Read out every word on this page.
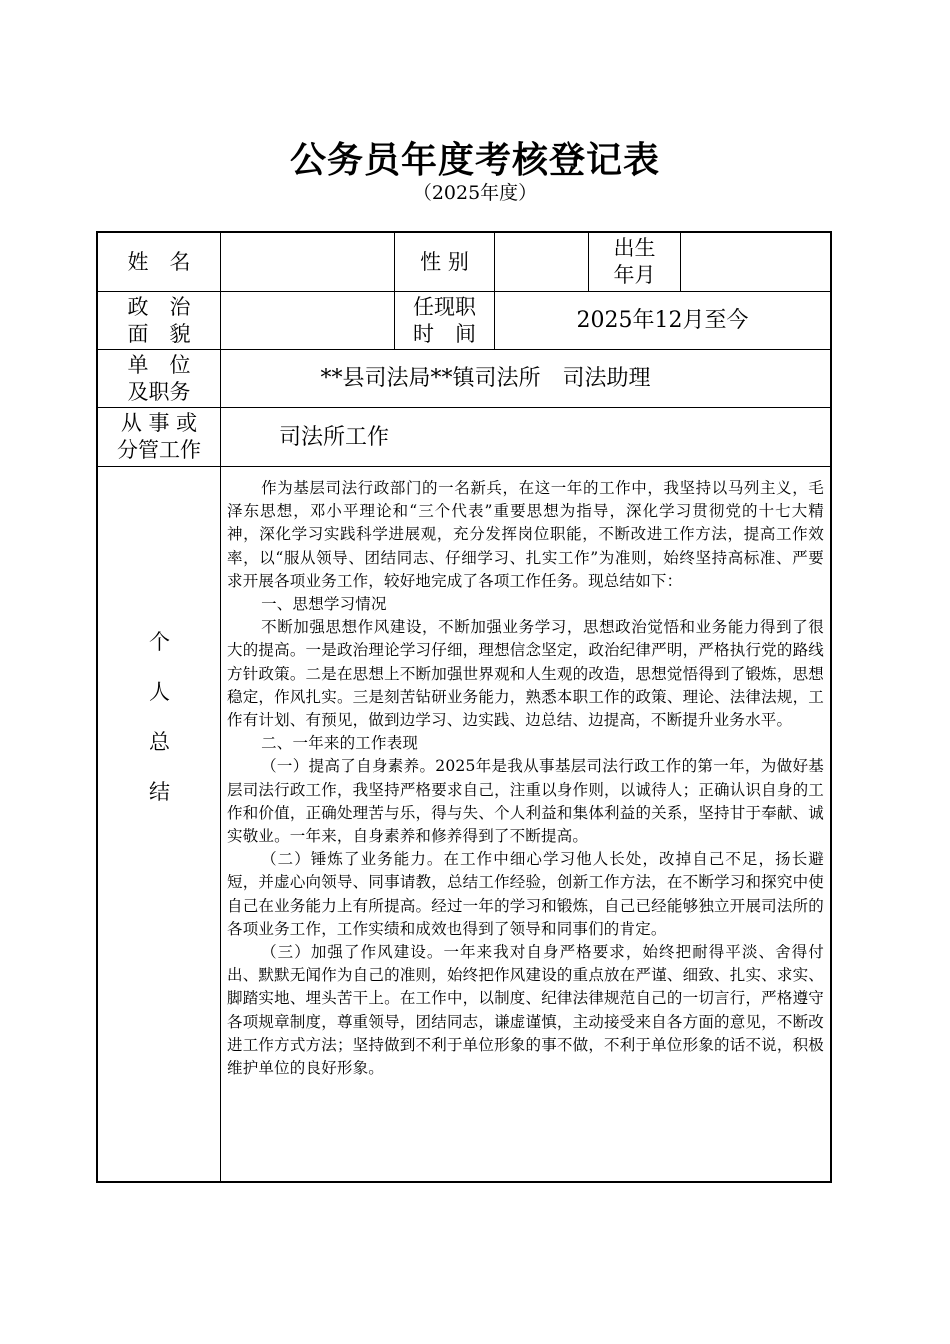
公务员年度考核登记表
（2025年度）
姓　名	性 别
出生
年月
政　治
面　貌
任现职
时　间
2025年12月至今
单　位
及职务
**县司法局**镇司法所　司法助理
从 事 或
分管工作
司法所工作
个
人
总
结

作为基层司法行政部门的一名新兵，在这一年的工作中，我坚持以马列主义，毛泽东思想，邓小平理论和“三个代表”重要思想为指导，深化学习贯彻党的十七大精神，深化学习实践科学进展观，充分发挥岗位职能，不断改进工作方法，提高工作效率，以“服从领导、团结同志、仔细学习、扎实工作”为准则，始终坚持高标准、严要求开展各项业务工作，较好地完成了各项工作任务。现总结如下：

一、思想学习情况

不断加强思想作风建设，不断加强业务学习，思想政治觉悟和业务能力得到了很大的提高。一是政治理论学习仔细，理想信念坚定，政治纪律严明，严格执行党的路线方针政策。二是在思想上不断加强世界观和人生观的改造，思想觉悟得到了锻炼，思想稳定，作风扎实。三是刻苦钻研业务能力，熟悉本职工作的政策、理论、法律法规，工作有计划、有预见，做到边学习、边实践、边总结、边提高，不断提升业务水平。

二、一年来的工作表现

（一）提高了自身素养。2025年是我从事基层司法行政工作的第一年，为做好基层司法行政工作，我坚持严格要求自己，注重以身作则，以诚待人；正确认识自身的工作和价值，正确处理苦与乐，得与失、个人利益和集体利益的关系，坚持甘于奉献、诚实敬业。一年来，自身素养和修养得到了不断提高。

（二）锤炼了业务能力。在工作中细心学习他人长处，改掉自己不足，扬长避短，并虚心向领导、同事请教，总结工作经验，创新工作方法，在不断学习和探究中使自己在业务能力上有所提高。经过一年的学习和锻炼，自己已经能够独立开展司法所的各项业务工作，工作实绩和成效也得到了领导和同事们的肯定。

（三）加强了作风建设。一年来我对自身严格要求，始终把耐得平淡、舍得付出、默默无闻作为自己的准则，始终把作风建设的重点放在严谨、细致、扎实、求实、脚踏实地、埋头苦干上。在工作中，以制度、纪律法律规范自己的一切言行，严格遵守各项规章制度，尊重领导，团结同志，谦虚谨慎，主动接受来自各方面的意见，不断改进工作方式方法；坚持做到不利于单位形象的事不做，不利于单位形象的话不说，积极维护单位的良好形象。
